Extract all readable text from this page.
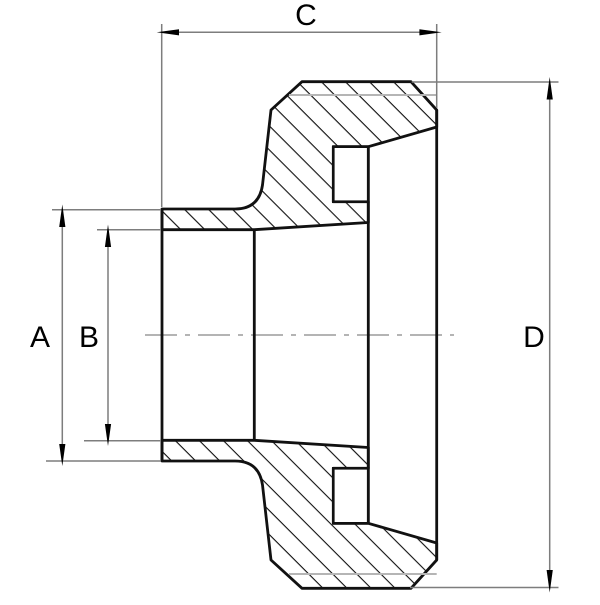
C
A B	D
